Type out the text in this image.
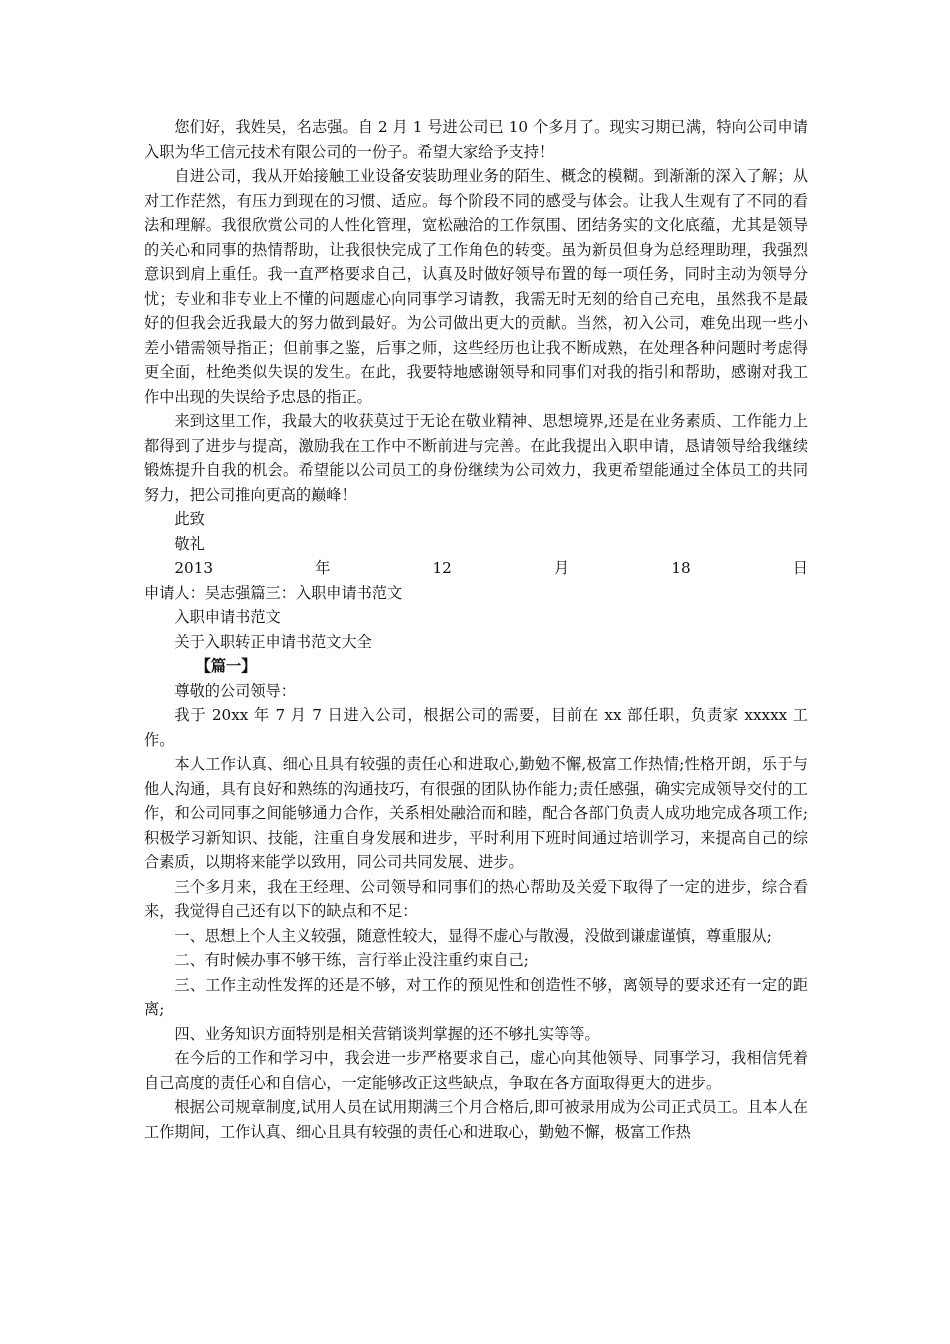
您们好，我姓吴，名志强。自 2 月 1 号进公司已 10 个多月了。现实习期已满，特向公司申请入职为华工信元技术有限公司的一份子。希望大家给予支持！

自进公司，我从开始接触工业设备安装助理业务的陌生、概念的模糊。到渐渐的深入了解；从对工作茫然，有压力到现在的习惯、适应。每个阶段不同的感受与体会。让我人生观有了不同的看法和理解。我很欣赏公司的人性化管理，宽松融洽的工作氛围、团结务实的文化底蕴，尤其是领导的关心和同事的热情帮助，让我很快完成了工作角色的转变。虽为新员但身为总经理助理，我强烈意识到肩上重任。我一直严格要求自己，认真及时做好领导布置的每一项任务，同时主动为领导分忧；专业和非专业上不懂的问题虚心向同事学习请教，我需无时无刻的给自己充电，虽然我不是最好的但我会近我最大的努力做到最好。为公司做出更大的贡献。当然，初入公司，难免出现一些小差小错需领导指正；但前事之鉴，后事之师，这些经历也让我不断成熟，在处理各种问题时考虑得更全面，杜绝类似失误的发生。在此，我要特地感谢领导和同事们对我的指引和帮助，感谢对我工作中出现的失误给予忠恳的指正。

来到这里工作，我最大的收获莫过于无论在敬业精神、思想境界,还是在业务素质、工作能力上都得到了进步与提高，激励我在工作中不断前进与完善。在此我提出入职申请，恳请领导给我继续锻炼提升自我的机会。希望能以公司员工的身份继续为公司效力，我更希望能通过全体员工的共同努力，把公司推向更高的巅峰！

此致

敬礼

2013	年	12	月	18	日

申请人：吴志强篇三：入职申请书范文

入职申请书范文

关于入职转正申请书范文大全

【篇一】

尊敬的公司领导：

我于 20xx 年 7 月 7 日进入公司，根据公司的需要，目前在 xx 部任职，负责家 xxxxx 工作。

本人工作认真、细心且具有较强的责任心和进取心,勤勉不懈,极富工作热情;性格开朗，乐于与他人沟通，具有良好和熟练的沟通技巧，有很强的团队协作能力;责任感强，确实完成领导交付的工作，和公司同事之间能够通力合作，关系相处融洽而和睦，配合各部门负责人成功地完成各项工作;积极学习新知识、技能，注重自身发展和进步，平时利用下班时间通过培训学习，来提高自己的综合素质，以期将来能学以致用，同公司共同发展、进步。

三个多月来，我在王经理、公司领导和同事们的热心帮助及关爱下取得了一定的进步，综合看来，我觉得自己还有以下的缺点和不足：

一、思想上个人主义较强，随意性较大，显得不虚心与散漫，没做到谦虚谨慎，尊重服从;

二、有时候办事不够干练，言行举止没注重约束自己;

三、工作主动性发挥的还是不够，对工作的预见性和创造性不够，离领导的要求还有一定的距离;

四、业务知识方面特别是相关营销谈判掌握的还不够扎实等等。

在今后的工作和学习中，我会进一步严格要求自己，虚心向其他领导、同事学习，我相信凭着自己高度的责任心和自信心，一定能够改正这些缺点，争取在各方面取得更大的进步。

根据公司规章制度,试用人员在试用期满三个月合格后,即可被录用成为公司正式员工。且本人在工作期间，工作认真、细心且具有较强的责任心和进取心，勤勉不懈，极富工作热
